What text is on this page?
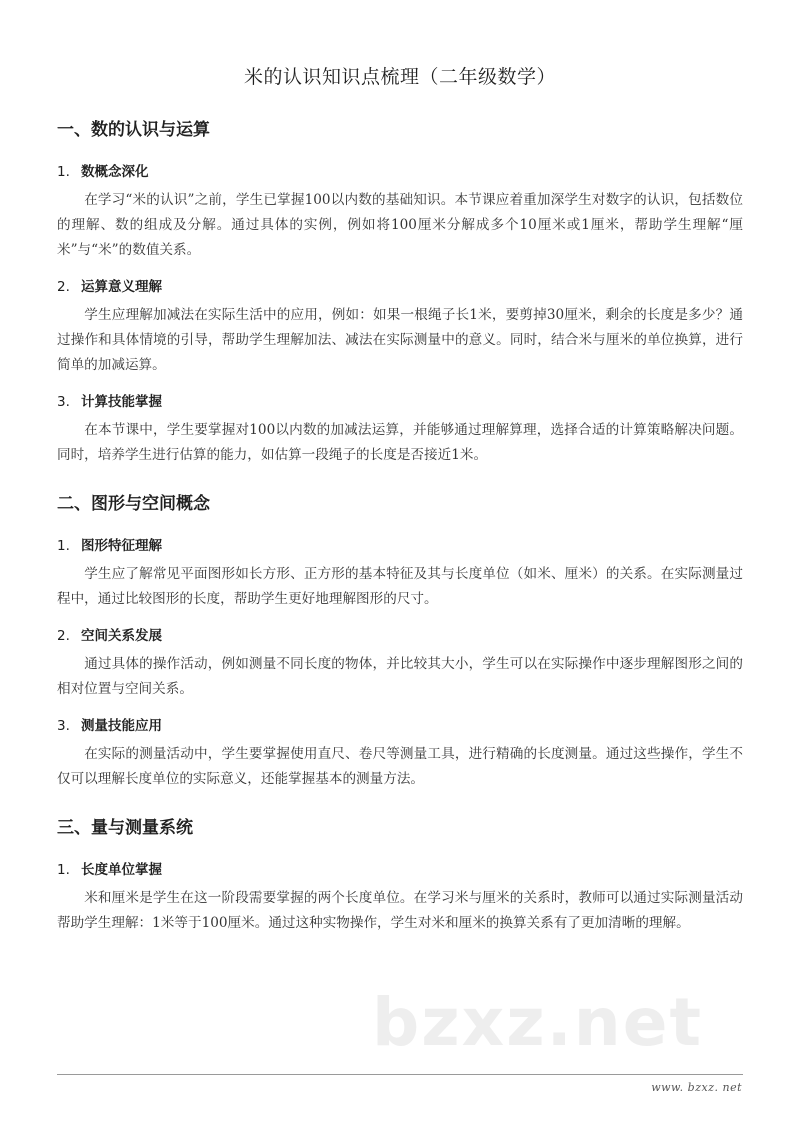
bzxz.net
米的认识知识点梳理（二年级数学）
一、数的认识与运算
1. 数概念深化

在学习“米的认识”之前，学生已掌握100以内数的基础知识。本节课应着重加深学生对数字的认识，包括数位的理解、数的组成及分解。通过具体的实例，例如将100厘米分解成多个10厘米或1厘米，帮助学生理解“厘米”与“米”的数值关系。

2. 运算意义理解

学生应理解加减法在实际生活中的应用，例如：如果一根绳子长1米，要剪掉30厘米，剩余的长度是多少？通过操作和具体情境的引导，帮助学生理解加法、减法在实际测量中的意义。同时，结合米与厘米的单位换算，进行简单的加减运算。

3. 计算技能掌握

在本节课中，学生要掌握对100以内数的加减法运算，并能够通过理解算理，选择合适的计算策略解决问题。同时，培养学生进行估算的能力，如估算一段绳子的长度是否接近1米。

二、图形与空间概念
1. 图形特征理解

学生应了解常见平面图形如长方形、正方形的基本特征及其与长度单位（如米、厘米）的关系。在实际测量过程中，通过比较图形的长度，帮助学生更好地理解图形的尺寸。

2. 空间关系发展

通过具体的操作活动，例如测量不同长度的物体，并比较其大小，学生可以在实际操作中逐步理解图形之间的相对位置与空间关系。

3. 测量技能应用

在实际的测量活动中，学生要掌握使用直尺、卷尺等测量工具，进行精确的长度测量。通过这些操作，学生不仅可以理解长度单位的实际意义，还能掌握基本的测量方法。

三、量与测量系统
1. 长度单位掌握

米和厘米是学生在这一阶段需要掌握的两个长度单位。在学习米与厘米的关系时，教师可以通过实际测量活动帮助学生理解：1米等于100厘米。通过这种实物操作，学生对米和厘米的换算关系有了更加清晰的理解。

www. bzxz. net
